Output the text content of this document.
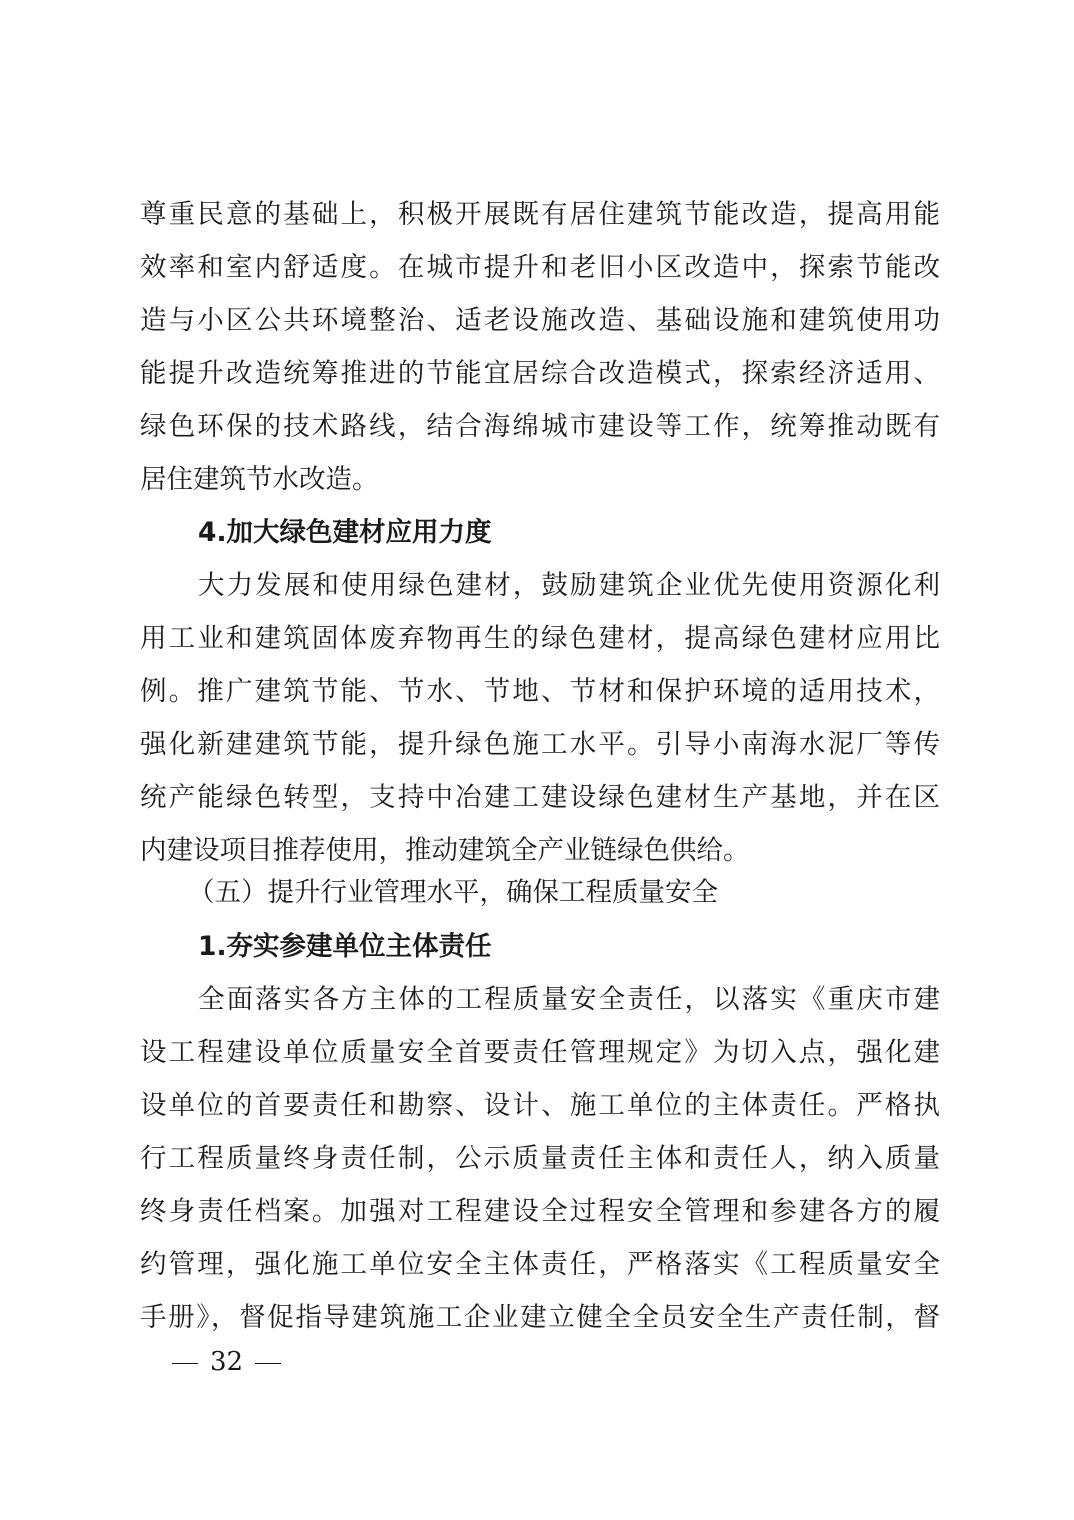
尊重民意的基础上，积极开展既有居住建筑节能改造，提高用能
效率和室内舒适度。在城市提升和老旧小区改造中，探索节能改
造与小区公共环境整治、适老设施改造、基础设施和建筑使用功
能提升改造统筹推进的节能宜居综合改造模式，探索经济适用、
绿色环保的技术路线，结合海绵城市建设等工作，统筹推动既有
居住建筑节水改造。
4.加大绿色建材应用力度
大力发展和使用绿色建材，鼓励建筑企业优先使用资源化利
用工业和建筑固体废弃物再生的绿色建材，提高绿色建材应用比
例。推广建筑节能、节水、节地、节材和保护环境的适用技术，
强化新建建筑节能，提升绿色施工水平。引导小南海水泥厂等传
统产能绿色转型，支持中冶建工建设绿色建材生产基地，并在区
内建设项目推荐使用，推动建筑全产业链绿色供给。
（五）提升行业管理水平，确保工程质量安全
1.夯实参建单位主体责任
全面落实各方主体的工程质量安全责任，以落实《重庆市建
设工程建设单位质量安全首要责任管理规定》为切入点，强化建
设单位的首要责任和勘察、设计、施工单位的主体责任。严格执
行工程质量终身责任制，公示质量责任主体和责任人，纳入质量
终身责任档案。加强对工程建设全过程安全管理和参建各方的履
约管理，强化施工单位安全主体责任，严格落实《工程质量安全
手册》，督促指导建筑施工企业建立健全全员安全生产责任制，督
32
